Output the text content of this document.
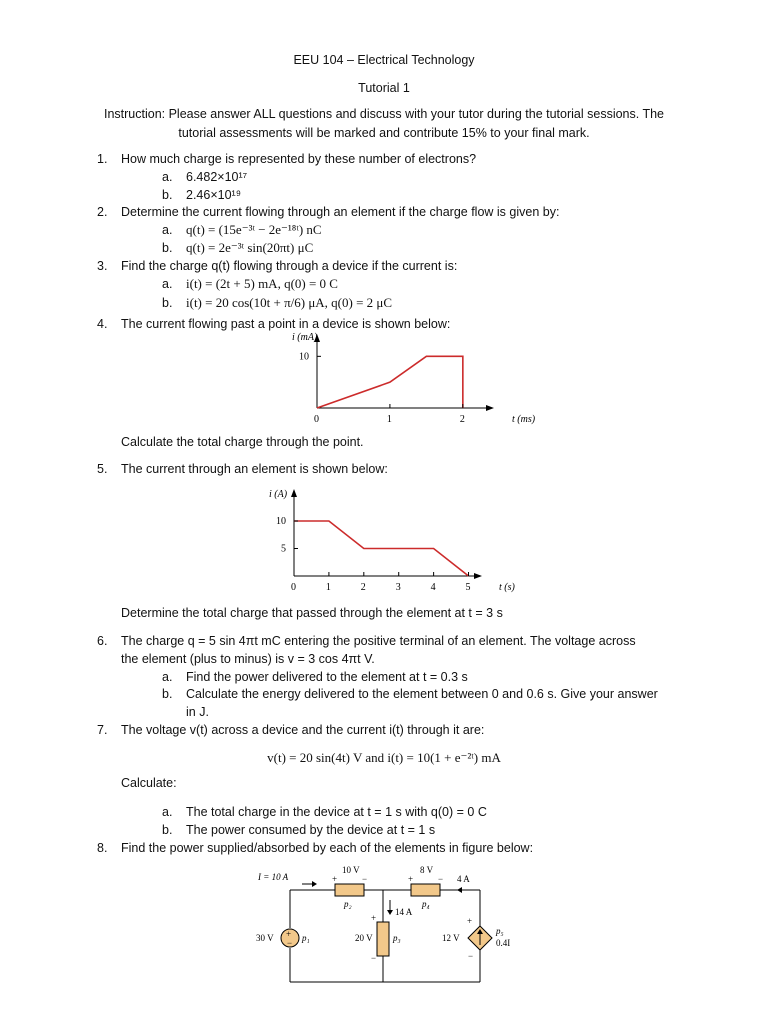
EEU 104 – Electrical Technology
Tutorial 1
Instruction: Please answer ALL questions and discuss with your tutor during the tutorial sessions. The
tutorial assessments will be marked and contribute 15% to your final mark.
1. How much charge is represented by these number of electrons?
a. 6.482×10¹⁷
b. 2.46×10¹⁹
2. Determine the current flowing through an element if the charge flow is given by:
a. q(t) = (15e⁻³ᵗ − 2e⁻¹⁸ᵗ) nC
b. q(t) = 2e⁻³ᵗ sin(20πt) μC
3. Find the charge q(t) flowing through a device if the current is:
a. i(t) = (2t + 5) mA, q(0) = 0 C
b. i(t) = 20 cos(10t + π/6) μA, q(0) = 2 μC
4. The current flowing past a point in a device is shown below:
0	1	2
10
i (mA)
t (ms)
Calculate the total charge through the point.
5. The current through an element is shown below:
0	1	2	3	4	5
10
5
i (A)
t (s)
Determine the total charge that passed through the element at t = 3 s
6. The charge q = 5 sin 4πt mC entering the positive terminal of an element. The voltage across
the element (plus to minus) is v = 3 cos 4πt V.
a. Find the power delivered to the element at t = 0.3 s
b. Calculate the energy delivered to the element between 0 and 0.6 s. Give your answer
in J.
7. The voltage v(t) across a device and the current i(t) through it are:
v(t) = 20 sin(4t) V and i(t) = 10(1 + e⁻²ᵗ) mA
Calculate:
a. The total charge in the device at t = 1 s with q(0) = 0 C
b. The power consumed by the device at t = 1 s
8. Find the power supplied/absorbed by each of the elements in figure below:
+
−
I = 10 A
10 V
+	−
p₂
8 V
+	−
p₄
4 A
14 A
30 V	p₁
+
20 V
−
p₃
+
12 V
−
p₅
0.4I
